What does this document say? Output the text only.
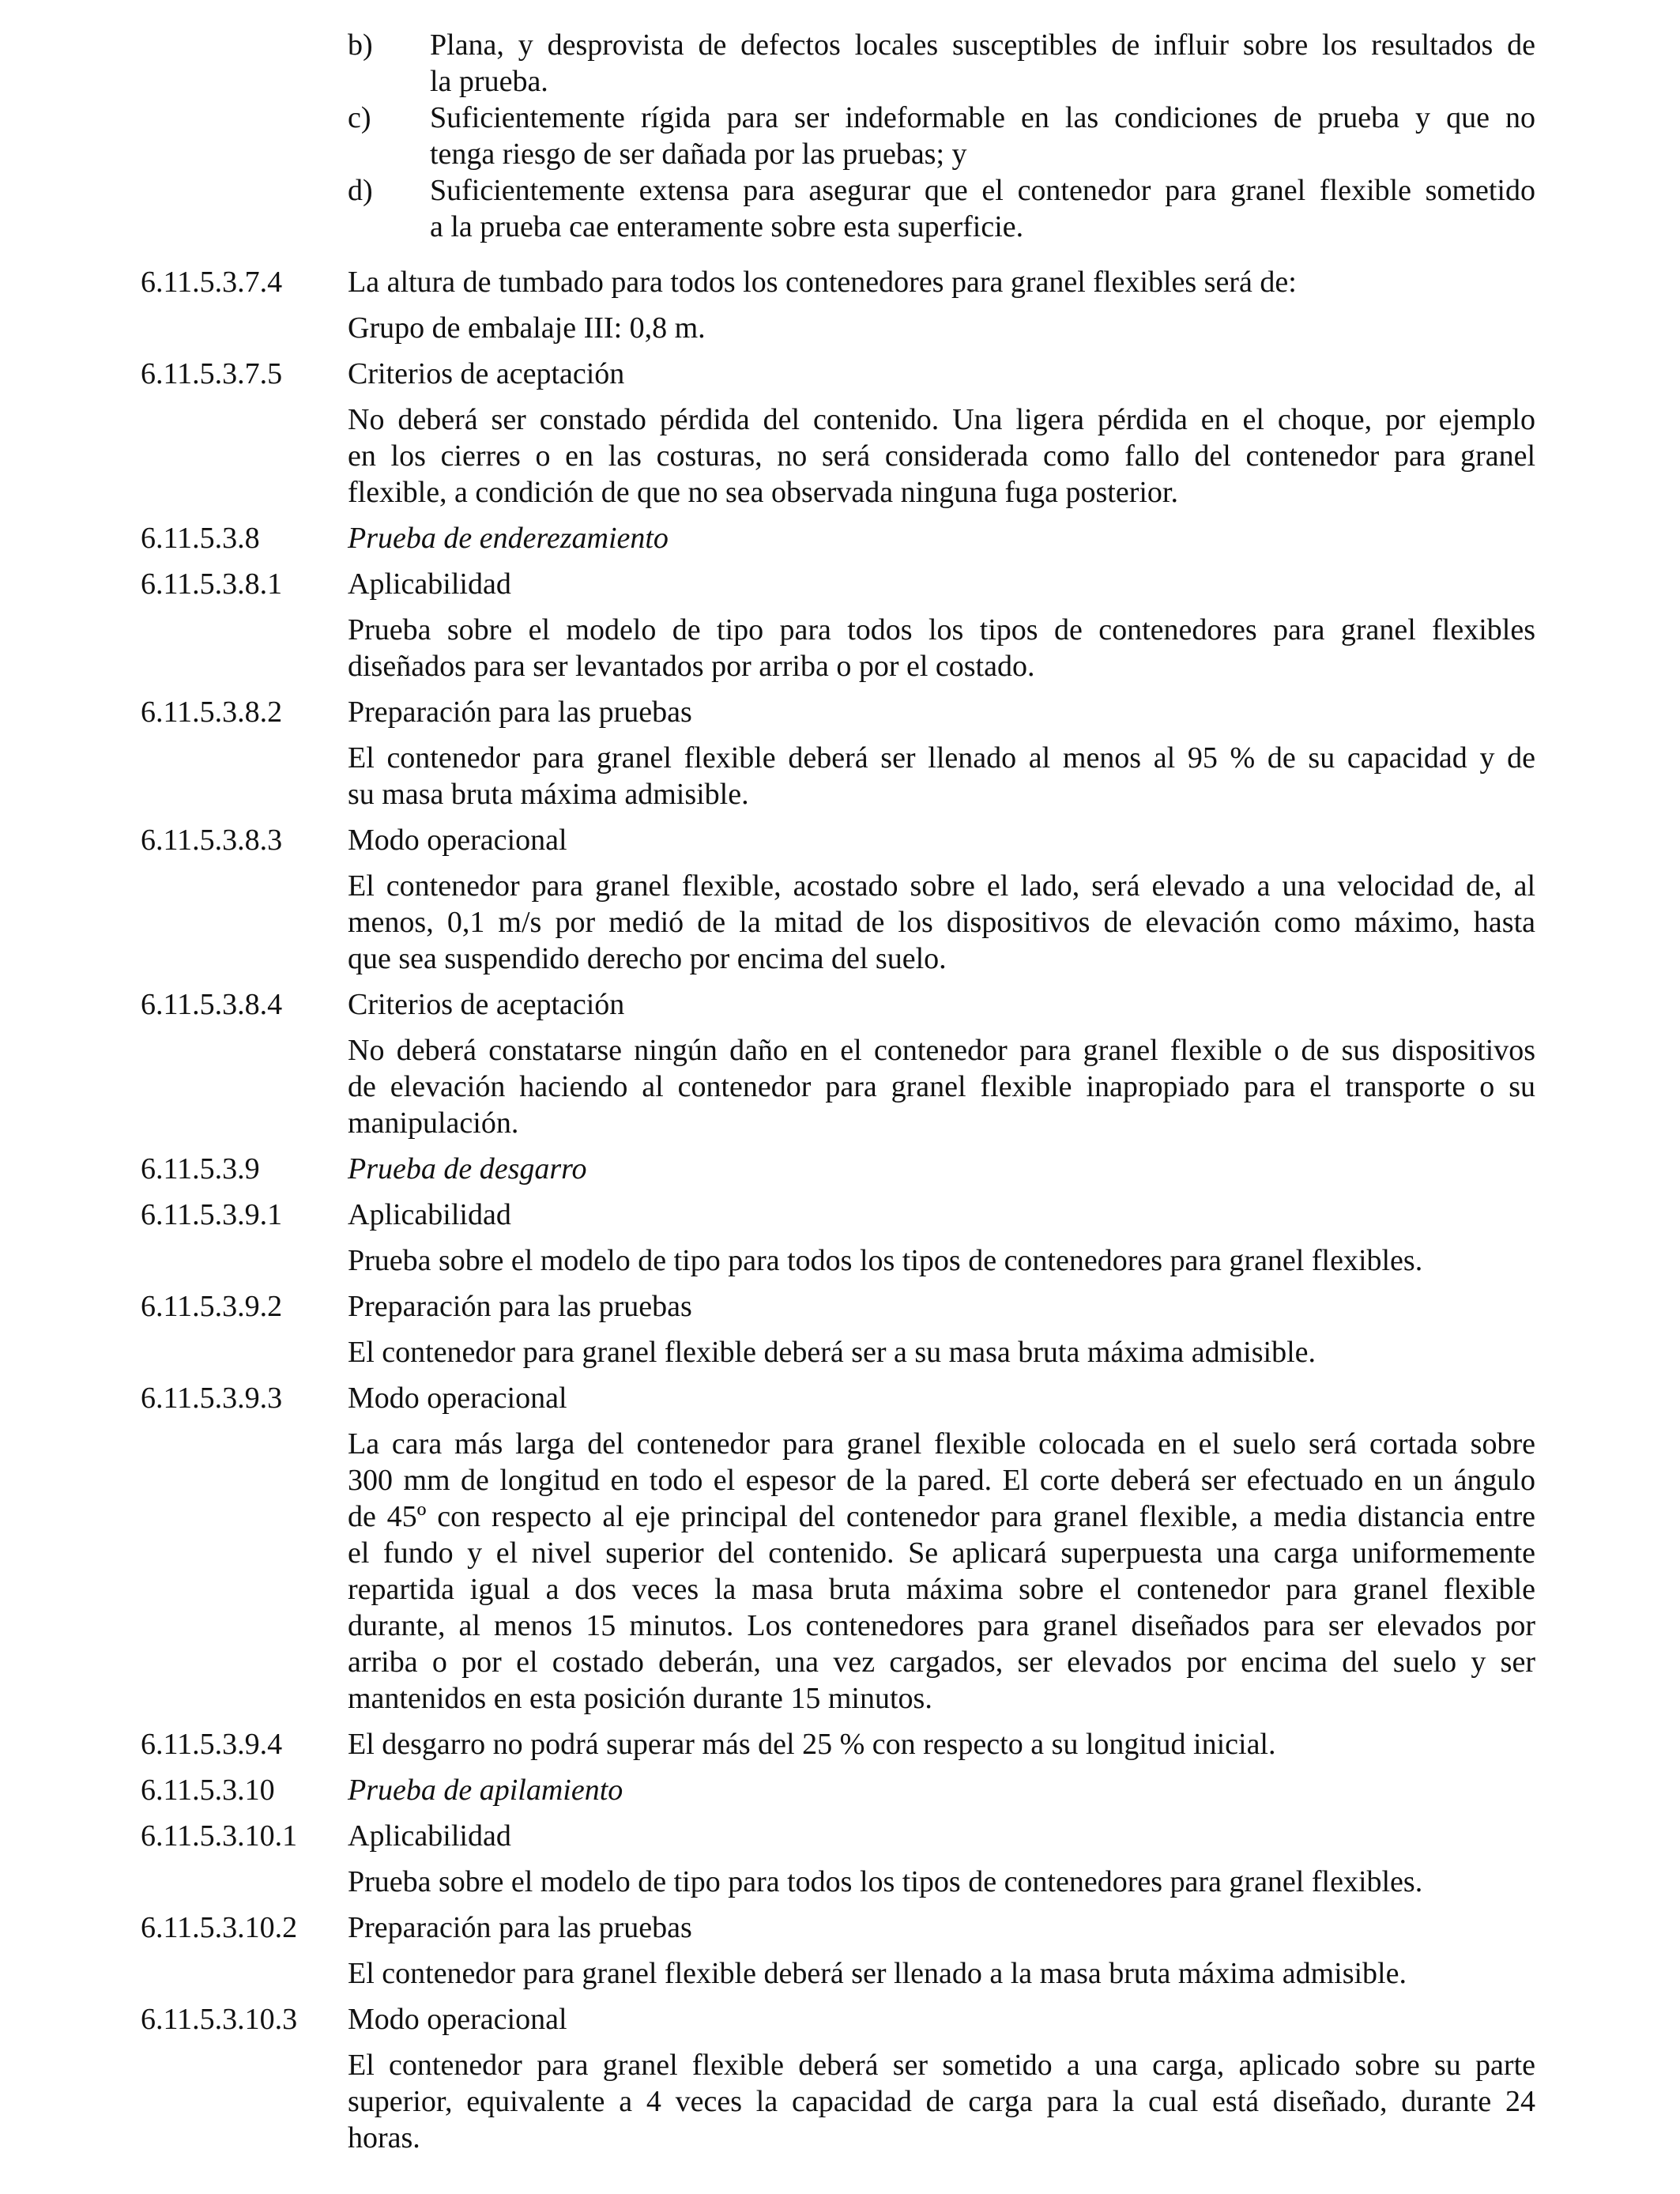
b) Plana, y desprovista de defectos locales susceptibles de influir sobre los resultados de
la prueba.
c) Suficientemente rígida para ser indeformable en las condiciones de prueba y que no
tenga riesgo de ser dañada por las pruebas; y
d) Suficientemente extensa para asegurar que el contenedor para granel flexible sometido
a la prueba cae enteramente sobre esta superficie.
6.11.5.3.7.4 La altura de tumbado para todos los contenedores para granel flexibles será de:
Grupo de embalaje III: 0,8 m.
6.11.5.3.7.5 Criterios de aceptación
No deberá ser constado pérdida del contenido. Una ligera pérdida en el choque, por ejemplo
en los cierres o en las costuras, no será considerada como fallo del contenedor para granel
flexible, a condición de que no sea observada ninguna fuga posterior.
6.11.5.3.8	Prueba de enderezamiento
6.11.5.3.8.1 Aplicabilidad
Prueba sobre el modelo de tipo para todos los tipos de contenedores para granel flexibles
diseñados para ser levantados por arriba o por el costado.
6.11.5.3.8.2 Preparación para las pruebas
El contenedor para granel flexible deberá ser llenado al menos al 95 % de su capacidad y de
su masa bruta máxima admisible.
6.11.5.3.8.3 Modo operacional
El contenedor para granel flexible, acostado sobre el lado, será elevado a una velocidad de, al
menos, 0,1 m/s por medió de la mitad de los dispositivos de elevación como máximo, hasta
que sea suspendido derecho por encima del suelo.
6.11.5.3.8.4 Criterios de aceptación
No deberá constatarse ningún daño en el contenedor para granel flexible o de sus dispositivos
de elevación haciendo al contenedor para granel flexible inapropiado para el transporte o su
manipulación.
6.11.5.3.9	Prueba de desgarro
6.11.5.3.9.1 Aplicabilidad
Prueba sobre el modelo de tipo para todos los tipos de contenedores para granel flexibles.
6.11.5.3.9.2 Preparación para las pruebas
El contenedor para granel flexible deberá ser a su masa bruta máxima admisible.
6.11.5.3.9.3 Modo operacional
La cara más larga del contenedor para granel flexible colocada en el suelo será cortada sobre
300 mm de longitud en todo el espesor de la pared. El corte deberá ser efectuado en un ángulo
de 45º con respecto al eje principal del contenedor para granel flexible, a media distancia entre
el fundo y el nivel superior del contenido. Se aplicará superpuesta una carga uniformemente
repartida igual a dos veces la masa bruta máxima sobre el contenedor para granel flexible
durante, al menos 15 minutos. Los contenedores para granel diseñados para ser elevados por
arriba o por el costado deberán, una vez cargados, ser elevados por encima del suelo y ser
mantenidos en esta posición durante 15 minutos.
6.11.5.3.9.4 El desgarro no podrá superar más del 25 % con respecto a su longitud inicial.
6.11.5.3.10 Prueba de apilamiento
6.11.5.3.10.1 Aplicabilidad
Prueba sobre el modelo de tipo para todos los tipos de contenedores para granel flexibles.
6.11.5.3.10.2 Preparación para las pruebas
El contenedor para granel flexible deberá ser llenado a la masa bruta máxima admisible.
6.11.5.3.10.3 Modo operacional
El contenedor para granel flexible deberá ser sometido a una carga, aplicado sobre su parte
superior, equivalente a 4 veces la capacidad de carga para la cual está diseñado, durante 24
horas.
